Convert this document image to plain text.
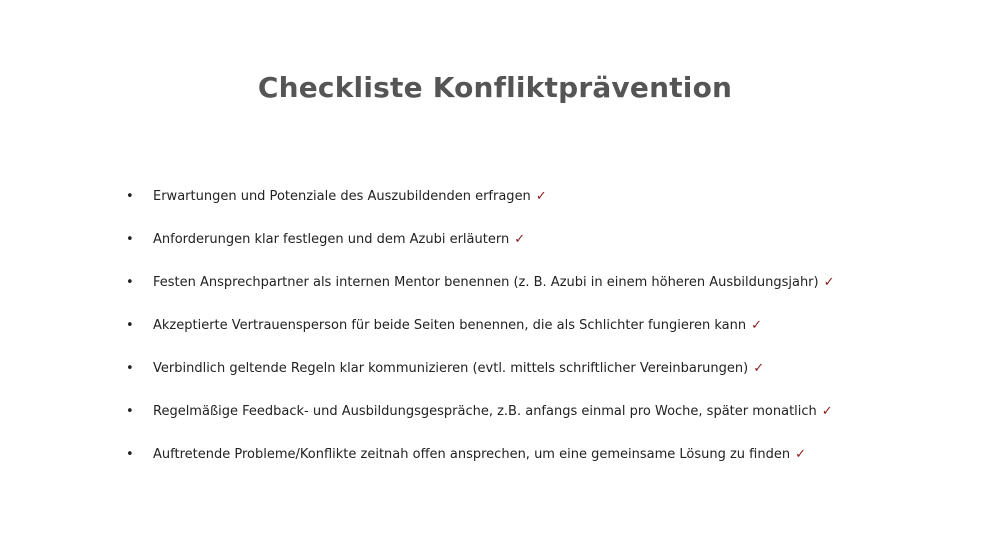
Checkliste Konfliktprävention
•	Erwartungen und Potenziale des Auszubildenden erfragen ✓
•	Anforderungen klar festlegen und dem Azubi erläutern ✓
•	Festen Ansprechpartner als internen Mentor benennen (z. B. Azubi in einem höheren Ausbildungsjahr) ✓
•	Akzeptierte Vertrauensperson für beide Seiten benennen, die als Schlichter fungieren kann ✓
•	Verbindlich geltende Regeln klar kommunizieren (evtl. mittels schriftlicher Vereinbarungen) ✓
•	Regelmäßige Feedback- und Ausbildungsgespräche, z.B. anfangs einmal pro Woche, später monatlich ✓
•	Auftretende Probleme/Konflikte zeitnah offen ansprechen, um eine gemeinsame Lösung zu finden ✓
